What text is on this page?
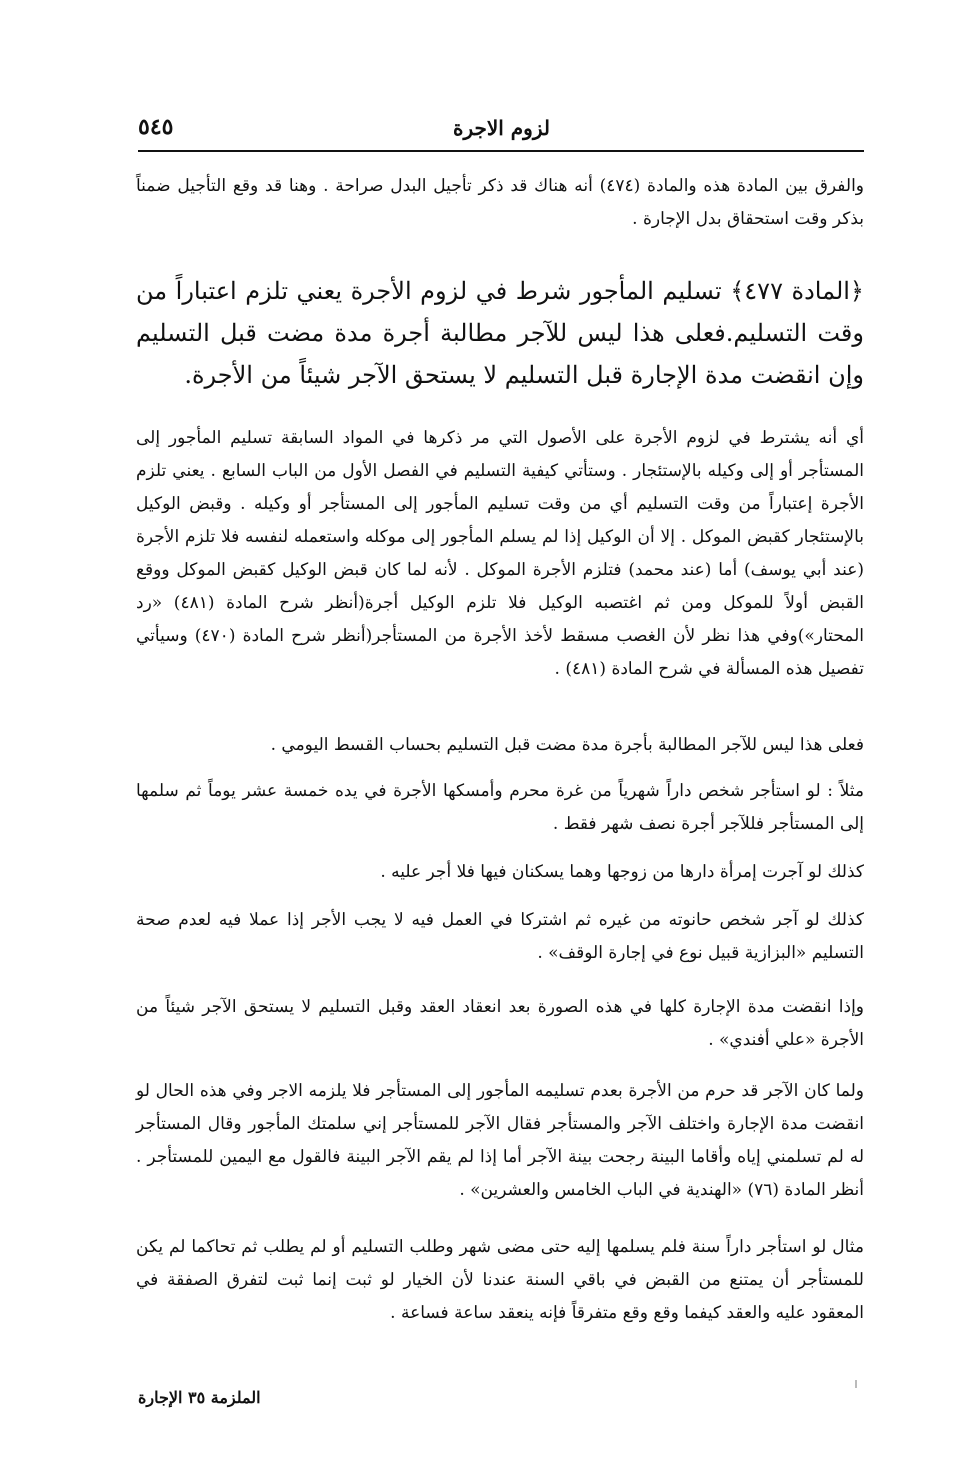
لزوم الاجرة
٥٤٥

والفرق بين المادة هذه والمادة (٤٧٤) أنه هناك قد ذكر تأجيل البدل صراحة . وهنا قد وقع التأجيل ضمناً بذكر وقت استحقاق بدل الإجارة .

﴿المادة ٤٧٧﴾ تسليم المأجور شرط في لزوم الأجرة يعني تلزم اعتباراً من وقت التسليم.فعلى هذا ليس للآجر مطالبة أجرة مدة مضت قبل التسليم وإن انقضت مدة الإجارة قبل التسليم لا يستحق الآجر شيئاً من الأجرة.

أي أنه يشترط في لزوم الأجرة على الأصول التي مر ذكرها في المواد السابقة تسليم المأجور إلى المستأجر أو إلى وكيله بالإستئجار . وستأتي كيفية التسليم في الفصل الأول من الباب السابع . يعني تلزم الأجرة إعتباراً من وقت التسليم أي من وقت تسليم المأجور إلى المستأجر أو وكيله . وقبض الوكيل بالإستئجار كقبض الموكل . إلا أن الوكيل إذا لم يسلم المأجور إلى موكله واستعمله لنفسه فلا تلزم الأجرة (عند أبي يوسف) أما (عند محمد) فتلزم الأجرة الموكل . لأنه لما كان قبض الوكيل كقبض الموكل ووقع القبض أولاً للموكل ومن ثم اغتصبه الوكيل فلا تلزم الوكيل أجرة(أنظر شرح المادة (٤٨١) «رد المحتار»)وفي هذا نظر لأن الغصب مسقط لأخذ الأجرة من المستأجر(أنظر شرح المادة (٤٧٠) وسيأتي تفصيل هذه المسألة في شرح المادة (٤٨١) .

فعلى هذا ليس للآجر المطالبة بأجرة مدة مضت قبل التسليم بحساب القسط اليومي .

مثلاً : لو استأجر شخص داراً شهرياً من غرة محرم وأمسكها الأجرة في يده خمسة عشر يوماً ثم سلمها إلى المستأجر فللآجر أجرة نصف شهر فقط .

كذلك لو آجرت إمرأة دارها من زوجها وهما يسكنان فيها فلا أجر عليه .

كذلك لو آجر شخص حانوته من غيره ثم اشتركا في العمل فيه لا يجب الأجر إذا عملا فيه لعدم صحة التسليم «البزازية قبيل نوع في إجارة الوقف» .

وإذا انقضت مدة الإجارة كلها في هذه الصورة بعد انعقاد العقد وقبل التسليم لا يستحق الآجر شيئاً من الأجرة «علي أفندي» .

ولما كان الآجر قد حرم من الأجرة بعدم تسليمه المأجور إلى المستأجر فلا يلزمه الاجر وفي هذه الحال لو انقضت مدة الإجارة واختلف الآجر والمستأجر فقال الآجر للمستأجر إني سلمتك المأجور وقال المستأجر له لم تسلمني إياه وأقاما البينة رجحت بينة الآجر أما إذا لم يقم الآجر البينة فالقول مع اليمين للمستأجر . أنظر المادة (٧٦) «الهندية في الباب الخامس والعشرين» .

مثال لو استأجر داراً سنة فلم يسلمها إليه حتى مضى شهر وطلب التسليم أو لم يطلب ثم تحاكما لم يكن للمستأجر أن يمتنع من القبض في باقي السنة عندنا لأن الخيار لو ثبت إنما ثبت لتفرق الصفقة في المعقود عليه والعقد كيفما وقع وقع متفرقاً فإنه ينعقد ساعة فساعة .

الملزمة ٣٥ الإجارة
